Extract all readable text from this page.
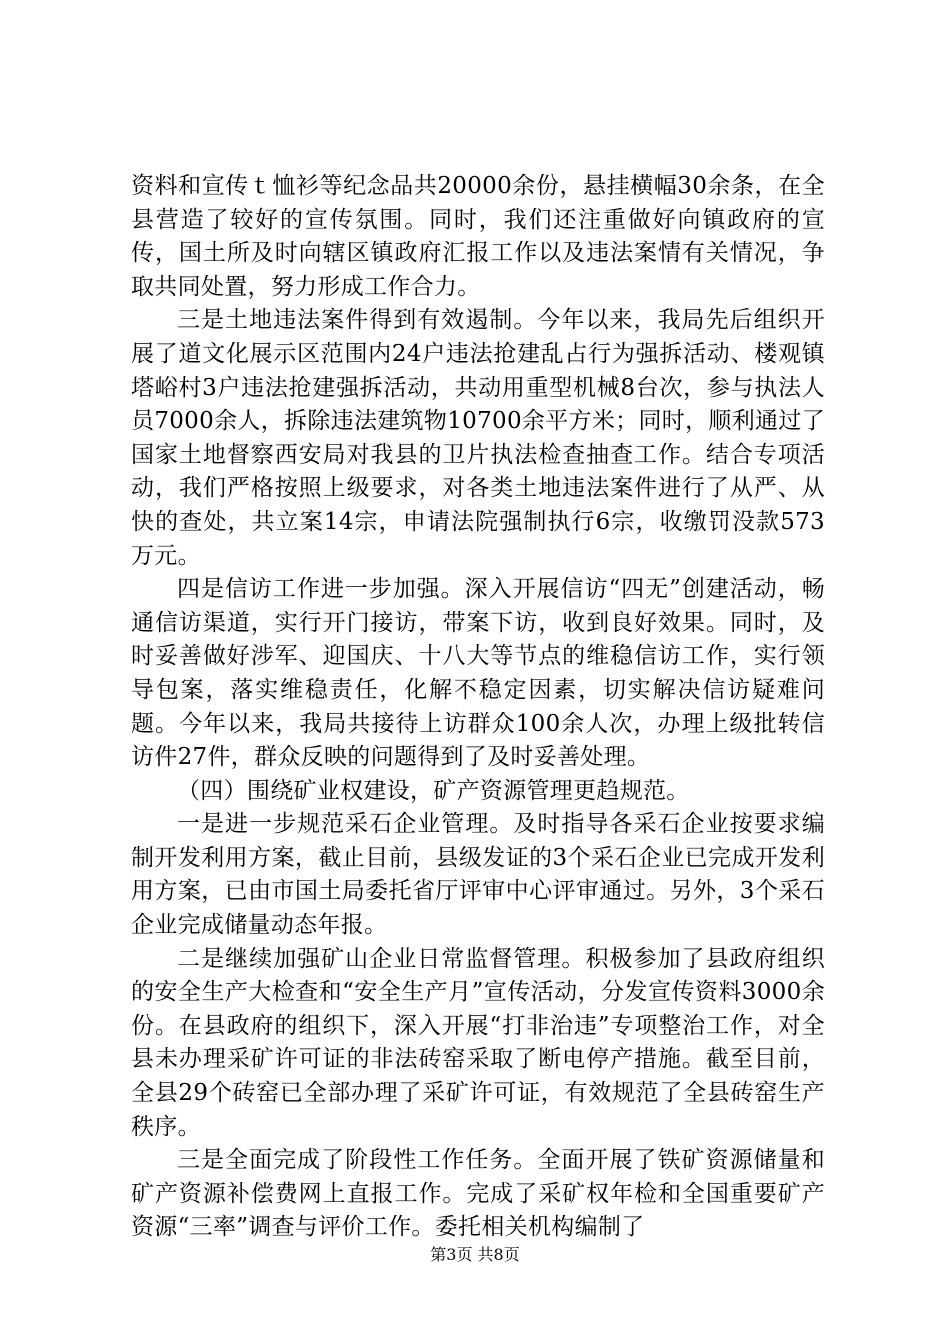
资料和宣传ｔ恤衫等纪念品共20000余份，悬挂横幅30余条，在全县营造了较好的宣传氛围。同时，我们还注重做好向镇政府的宣传，国土所及时向辖区镇政府汇报工作以及违法案情有关情况，争取共同处置，努力形成工作合力。

三是土地违法案件得到有效遏制。今年以来，我局先后组织开展了道文化展示区范围内24户违法抢建乱占行为强拆活动、楼观镇塔峪村3户违法抢建强拆活动，共动用重型机械8台次，参与执法人员7000余人，拆除违法建筑物10700余平方米；同时，顺利通过了国家土地督察西安局对我县的卫片执法检查抽查工作。结合专项活动，我们严格按照上级要求，对各类土地违法案件进行了从严、从快的查处，共立案14宗，申请法院强制执行6宗，收缴罚没款573万元。

四是信访工作进一步加强。深入开展信访“四无”创建活动，畅通信访渠道，实行开门接访，带案下访，收到良好效果。同时，及时妥善做好涉军、迎国庆、十八大等节点的维稳信访工作，实行领导包案，落实维稳责任，化解不稳定因素，切实解决信访疑难问题。今年以来，我局共接待上访群众100余人次，办理上级批转信访件27件，群众反映的问题得到了及时妥善处理。

（四）围绕矿业权建设，矿产资源管理更趋规范。

一是进一步规范采石企业管理。及时指导各采石企业按要求编制开发利用方案，截止目前，县级发证的3个采石企业已完成开发利用方案，已由市国土局委托省厅评审中心评审通过。另外，3个采石企业完成储量动态年报。

二是继续加强矿山企业日常监督管理。积极参加了县政府组织的安全生产大检查和“安全生产月”宣传活动，分发宣传资料3000余份。在县政府的组织下，深入开展“打非治违”专项整治工作，对全县未办理采矿许可证的非法砖窑采取了断电停产措施。截至目前，全县29个砖窑已全部办理了采矿许可证，有效规范了全县砖窑生产秩序。

三是全面完成了阶段性工作任务。全面开展了铁矿资源储量和矿产资源补偿费网上直报工作。完成了采矿权年检和全国重要矿产资源“三率”调查与评价工作。委托相关机构编制了

第3页 共8页
